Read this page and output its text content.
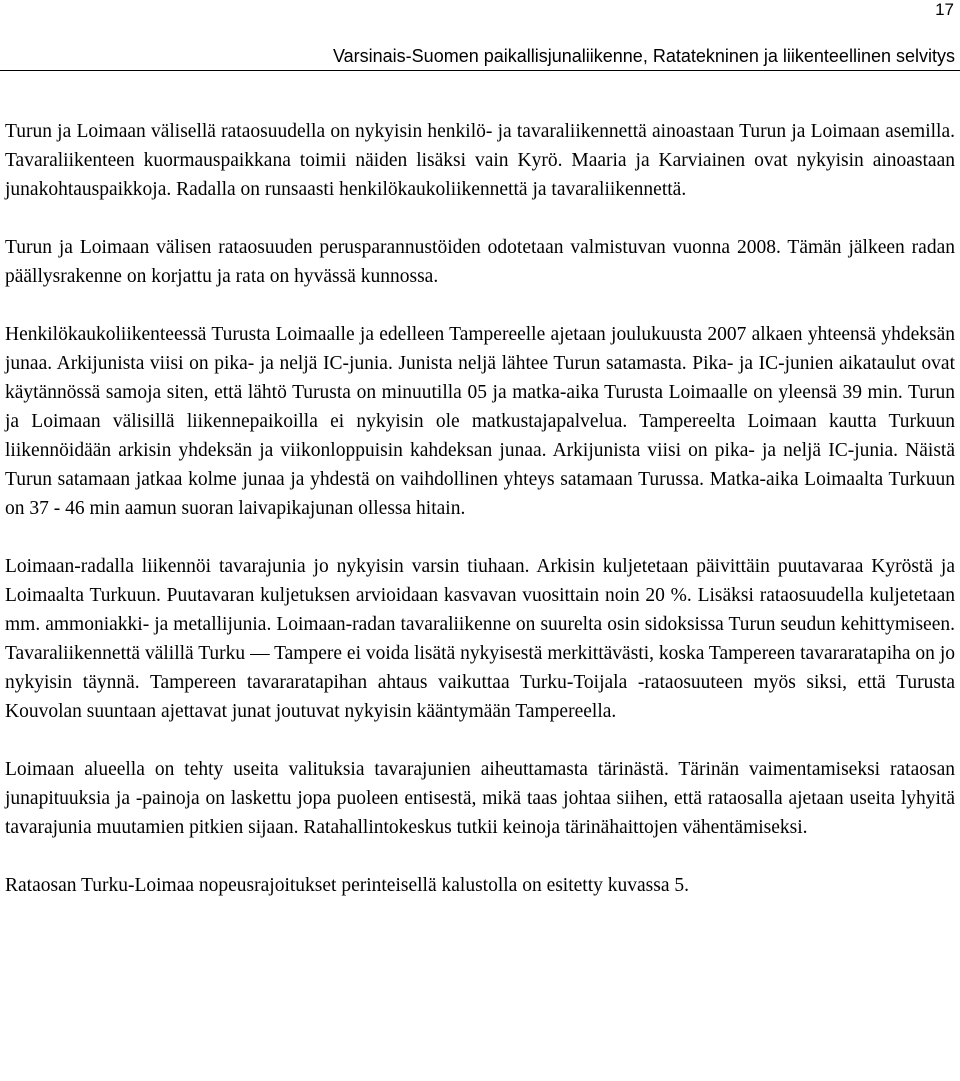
17
Varsinais-Suomen paikallisjunaliikenne, Ratatekninen ja liikenteellinen selvitys

Turun ja Loimaan välisellä rataosuudella on nykyisin henkilö- ja tavaraliikennettä ainoastaan Turun ja Loimaan asemilla. Tavaraliikenteen kuormauspaikkana toimii näiden lisäksi vain Kyrö. Maaria ja Karviainen ovat nykyisin ainoastaan junakohtauspaikkoja. Radalla on runsaasti henkilökaukoliikennettä ja tavaraliikennettä.

Turun ja Loimaan välisen rataosuuden perusparannustöiden odotetaan valmistuvan vuonna 2008. Tämän jälkeen radan päällysrakenne on korjattu ja rata on hyvässä kunnossa.

Henkilökaukoliikenteessä Turusta Loimaalle ja edelleen Tampereelle ajetaan joulukuusta 2007 alkaen yhteensä yhdeksän junaa. Arkijunista viisi on pika- ja neljä IC-junia. Junista neljä lähtee Turun satamasta. Pika- ja IC-junien aikataulut ovat käytännössä samoja siten, että lähtö Turusta on minuutilla 05 ja matka-aika Turusta Loimaalle on yleensä 39 min. Turun ja Loimaan välisillä liikennepaikoilla ei nykyisin ole matkustajapalvelua. Tampereelta Loimaan kautta Turkuun liikennöidään arkisin yhdeksän ja viikonloppuisin kahdeksan junaa. Arkijunista viisi on pika- ja neljä IC-junia. Näistä Turun satamaan jatkaa kolme junaa ja yhdestä on vaihdollinen yhteys satamaan Turussa. Matka-aika Loimaalta Turkuun on 37 - 46 min aamun suoran laivapikajunan ollessa hitain.

Loimaan-radalla liikennöi tavarajunia jo nykyisin varsin tiuhaan. Arkisin kuljetetaan päivittäin puutavaraa Kyröstä ja Loimaalta Turkuun. Puutavaran kuljetuksen arvioidaan kasvavan vuosittain noin 20 %. Lisäksi rataosuudella kuljetetaan mm. ammoniakki- ja metallijunia. Loimaan-radan tavaraliikenne on suurelta osin sidoksissa Turun seudun kehittymiseen. Tavaraliikennettä välillä Turku — Tampere ei voida lisätä nykyisestä merkittävästi, koska Tampereen tavararatapiha on jo nykyisin täynnä. Tampereen tavararatapihan ahtaus vaikuttaa Turku-Toijala -rataosuuteen myös siksi, että Turusta Kouvolan suuntaan ajettavat junat joutuvat nykyisin kääntymään Tampereella.

Loimaan alueella on tehty useita valituksia tavarajunien aiheuttamasta tärinästä. Tärinän vaimentamiseksi rataosan junapituuksia ja -painoja on laskettu jopa puoleen entisestä, mikä taas johtaa siihen, että rataosalla ajetaan useita lyhyitä tavarajunia muutamien pitkien sijaan. Ratahallintokeskus tutkii keinoja tärinähaittojen vähentämiseksi.

Rataosan Turku-Loimaa nopeusrajoitukset perinteisellä kalustolla on esitetty kuvassa 5.
